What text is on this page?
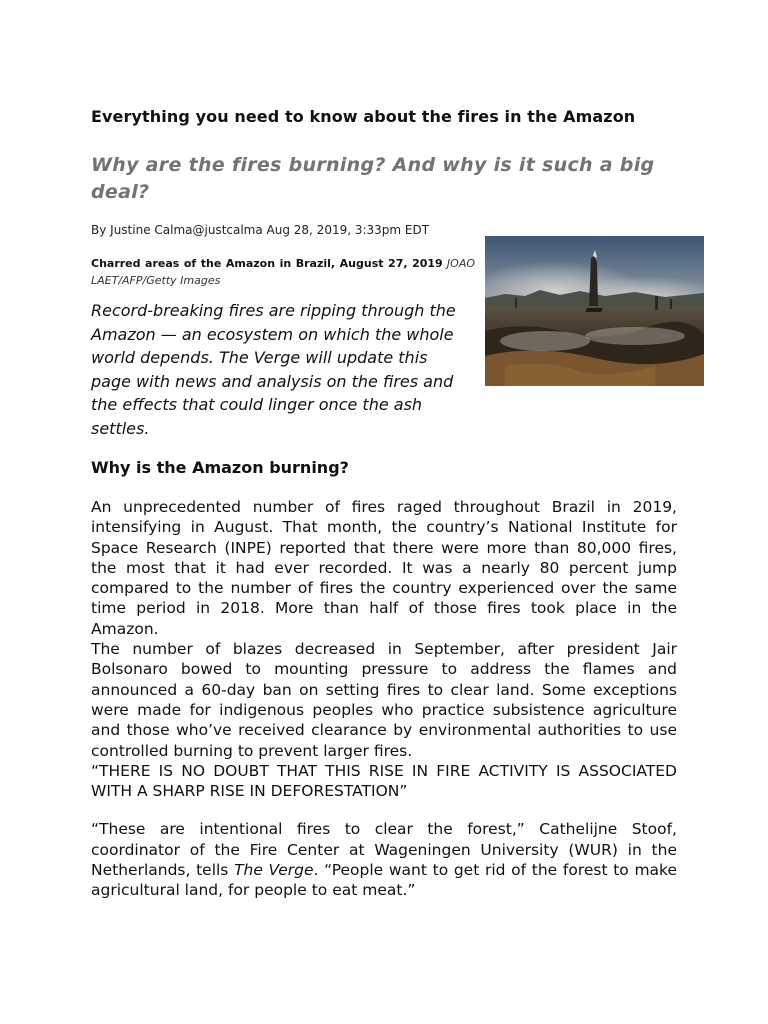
Everything you need to know about the fires in the Amazon
Why are the fires burning? And why is it such a big deal?
By Justine Calma@justcalma Aug 28, 2019, 3:33pm EDT
Charred areas of the Amazon in Brazil, August 27, 2019 JOAO LAET/AFP/Getty Images
Record-breaking fires are ripping through the Amazon — an ecosystem on which the whole world depends. The Verge will update this page with news and analysis on the fires and the effects that could linger once the ash settles.
Why is the Amazon burning?

An unprecedented number of fires raged throughout Brazil in 2019, intensifying in August. That month, the country’s National Institute for Space Research (INPE) reported that there were more than 80,000 fires, the most that it had ever recorded. It was a nearly 80 percent jump compared to the number of fires the country experienced over the same time period in 2018. More than half of those fires took place in the Amazon.

The number of blazes decreased in September, after president Jair Bolsonaro bowed to mounting pressure to address the flames and announced a 60-day ban on setting fires to clear land. Some exceptions were made for indigenous peoples who practice subsistence agriculture and those who’ve received clearance by environmental authorities to use controlled burning to prevent larger fires.

“THERE IS NO DOUBT THAT THIS RISE IN FIRE ACTIVITY IS ASSOCIATED WITH A SHARP RISE IN DEFORESTATION”

“These are intentional fires to clear the forest,” Cathelijne Stoof, coordinator of the Fire Center at Wageningen University (WUR) in the Netherlands, tells The Verge. “People want to get rid of the forest to make agricultural land, for people to eat meat.”
